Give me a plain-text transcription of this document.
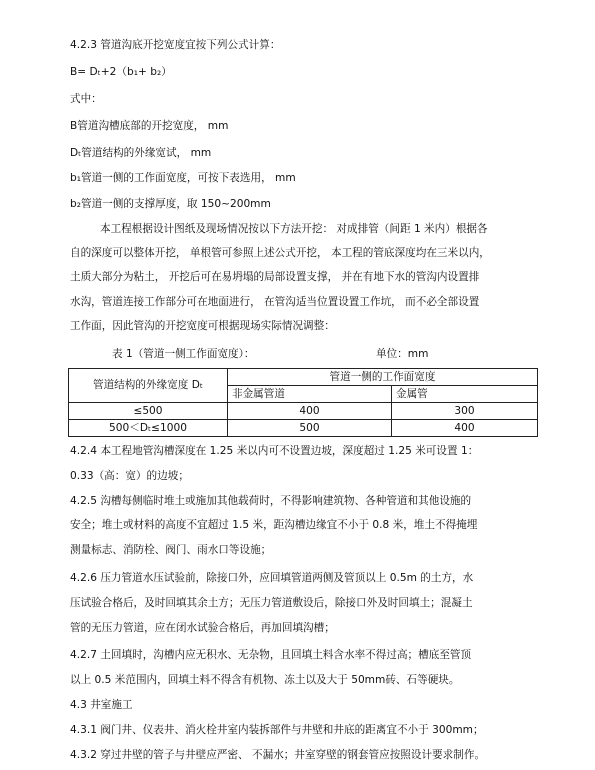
4.2.3 管道沟底开挖宽度宜按下列公式计算：
B= Dₜ+2（b₁+ b₂）
式中：
B管道沟槽底部的开挖宽度， mm
Dₜ管道结构的外缘宽试， mm
b₁管道一侧的工作面宽度，可按下表选用， mm
b₂管道一侧的支撑厚度，取 150~200mm
本工程根据设计图纸及现场情况按以下方法开挖： 对成排管（间距 1 米内）根据各
自的深度可以整体开挖， 单根管可参照上述公式开挖， 本工程的管底深度均在三米以内，
土质大部分为粘土， 开挖后可在易坍塌的局部设置支撑， 并在有地下水的管沟内设置排
水沟，管道连接工作部分可在地面进行， 在管沟适当位置设置工作坑， 而不必全部设置
工作面，因此管沟的开挖宽度可根据现场实际情况调整：
表 1（管道一侧工作面宽度）：	单位：mm
管道结构的外缘宽度 Dₜ	管道一侧的工作面宽度	
	非金属管道	金属管
≤500	400	300
500＜Dₜ≤1000	500	400
4.2.4 本工程地管沟槽深度在 1.25 米以内可不设置边坡，深度超过 1.25 米可设置 1：
0.33（高：宽）的边坡；
4.2.5 沟槽每侧临时堆土或施加其他载荷时，不得影响建筑物、各种管道和其他设施的
安全；堆土或材料的高度不宜超过 1.5 米，距沟槽边缘宜不小于 0.8 米，堆土不得掩埋
测量标志、消防栓、阀门、雨水口等设施；
4.2.6 压力管道水压试验前，除接口外，应回填管道两侧及管顶以上 0.5m 的土方，水
压试验合格后，及时回填其余土方；无压力管道敷设后，除接口外及时回填土；混凝土
管的无压力管道，应在闭水试验合格后，再加回填沟槽；
4.2.7 土回填时，沟槽内应无积水、无杂物，且回填土料含水率不得过高；槽底至管顶
以上 0.5 米范围内，回填土料不得含有机物、冻土以及大于 50mm砖、石等硬块。
4.3 井室施工
4.3.1 阀门井、仪表井、消火栓井室内装拆部件与井壁和井底的距离宜不小于 300mm；
4.3.2 穿过井壁的管子与井壁应严密、 不漏水；井室穿壁的钢套管应按照设计要求制作。
